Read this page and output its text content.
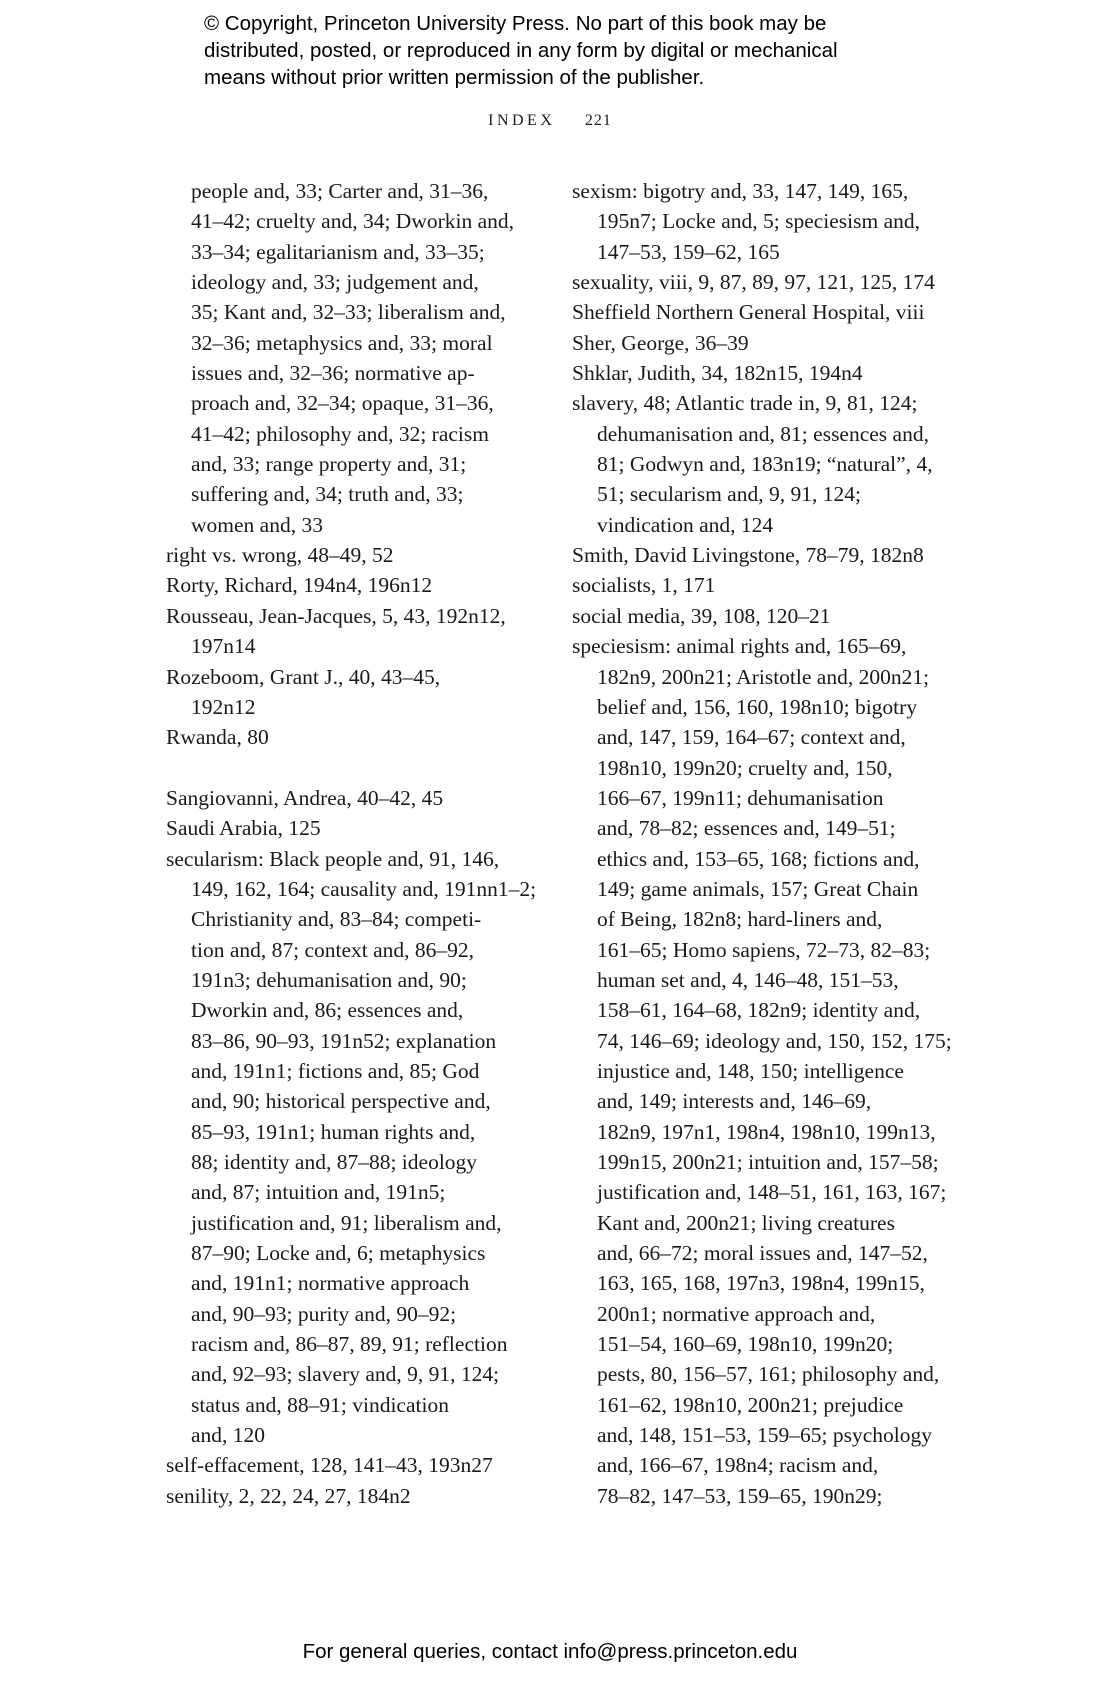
© Copyright, Princeton University Press. No part of this book may be
distributed, posted, or reproduced in any form by digital or mechanical
means without prior written permission of the publisher.
INDEX 221
people and, 33; Carter and, 31–36,
41–42; cruelty and, 34; Dworkin and,
33–34; egalitarianism and, 33–35;
ideology and, 33; judgement and,
35; Kant and, 32–33; liberalism and,
32–36; metaphysics and, 33; moral
issues and, 32–36; normative ap-
proach and, 32–34; opaque, 31–36,
41–42; philosophy and, 32; racism
and, 33; range property and, 31;
suffering and, 34; truth and, 33;
women and, 33
right vs. wrong, 48–49, 52
Rorty, Richard, 194n4, 196n12
Rousseau, Jean-Jacques, 5, 43, 192n12,
197n14
Rozeboom, Grant J., 40, 43–45,
192n12
Rwanda, 80
Sangiovanni, Andrea, 40–42, 45
Saudi Arabia, 125
secularism: Black people and, 91, 146,
149, 162, 164; causality and, 191nn1–2;
Christianity and, 83–84; competi-
tion and, 87; context and, 86–92,
191n3; dehumanisation and, 90;
Dworkin and, 86; essences and,
83–86, 90–93, 191n52; explanation
and, 191n1; fictions and, 85; God
and, 90; historical perspective and,
85–93, 191n1; human rights and,
88; identity and, 87–88; ideology
and, 87; intuition and, 191n5;
justification and, 91; liberalism and,
87–90; Locke and, 6; metaphysics
and, 191n1; normative approach
and, 90–93; purity and, 90–92;
racism and, 86–87, 89, 91; reflection
and, 92–93; slavery and, 9, 91, 124;
status and, 88–91; vindication
and, 120
self-effacement, 128, 141–43, 193n27
senility, 2, 22, 24, 27, 184n2
sexism: bigotry and, 33, 147, 149, 165,
195n7; Locke and, 5; speciesism and,
147–53, 159–62, 165
sexuality, viii, 9, 87, 89, 97, 121, 125, 174
Sheffield Northern General Hospital, viii
Sher, George, 36–39
Shklar, Judith, 34, 182n15, 194n4
slavery, 48; Atlantic trade in, 9, 81, 124;
dehumanisation and, 81; essences and,
81; Godwyn and, 183n19; “natural”, 4,
51; secularism and, 9, 91, 124;
vindication and, 124
Smith, David Livingstone, 78–79, 182n8
socialists, 1, 171
social media, 39, 108, 120–21
speciesism: animal rights and, 165–69,
182n9, 200n21; Aristotle and, 200n21;
belief and, 156, 160, 198n10; bigotry
and, 147, 159, 164–67; context and,
198n10, 199n20; cruelty and, 150,
166–67, 199n11; dehumanisation
and, 78–82; essences and, 149–51;
ethics and, 153–65, 168; fictions and,
149; game animals, 157; Great Chain
of Being, 182n8; hard-liners and,
161–65; Homo sapiens, 72–73, 82–83;
human set and, 4, 146–48, 151–53,
158–61, 164–68, 182n9; identity and,
74, 146–69; ideology and, 150, 152, 175;
injustice and, 148, 150; intelligence
and, 149; interests and, 146–69,
182n9, 197n1, 198n4, 198n10, 199n13,
199n15, 200n21; intuition and, 157–58;
justification and, 148–51, 161, 163, 167;
Kant and, 200n21; living creatures
and, 66–72; moral issues and, 147–52,
163, 165, 168, 197n3, 198n4, 199n15,
200n1; normative approach and,
151–54, 160–69, 198n10, 199n20;
pests, 80, 156–57, 161; philosophy and,
161–62, 198n10, 200n21; prejudice
and, 148, 151–53, 159–65; psychology
and, 166–67, 198n4; racism and,
78–82, 147–53, 159–65, 190n29;
For general queries, contact info@press.princeton.edu
